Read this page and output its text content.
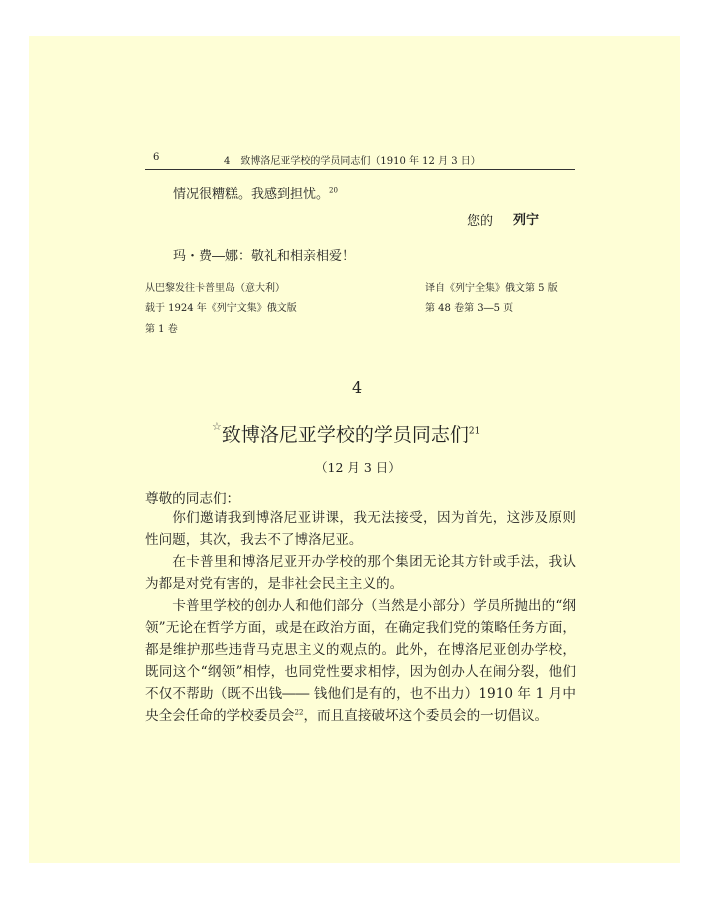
6	4　致博洛尼亚学校的学员同志们（1910 年 12 月 3 日）
情况很糟糕。我感到担忧。$^{20}$
您的 列宁
玛・费―娜：敬礼和相亲相爱！
从巴黎发往卡普里岛（意大利）
载于 1924 年《列宁文集》俄文版
第 1 卷
译自《列宁全集》俄文第 5 版
第 48 卷第 3―5 页
4
☆致博洛尼亚学校的学员同志们$^{21}$
（12 月 3 日）
尊敬的同志们：

你们邀请我到博洛尼亚讲课，我无法接受，因为首先，这涉及原则性问题，其次，我去不了博洛尼亚。

在卡普里和博洛尼亚开办学校的那个集团无论其方针或手法，我认为都是对党有害的，是非社会民主主义的。

卡普里学校的创办人和他们部分（当然是小部分）学员所抛出的“纲领”无论在哲学方面，或是在政治方面，在确定我们党的策略任务方面，都是维护那些违背马克思主义的观点的。此外，在博洛尼亚创办学校，既同这个“纲领”相悖，也同党性要求相悖，因为创办人在闹分裂，他们不仅不帮助（既不出钱―― 钱他们是有的，也不出力）1910 年 1 月中央全会任命的学校委员会$^{22}$，而且直接破坏这个委员会的一切倡议。
